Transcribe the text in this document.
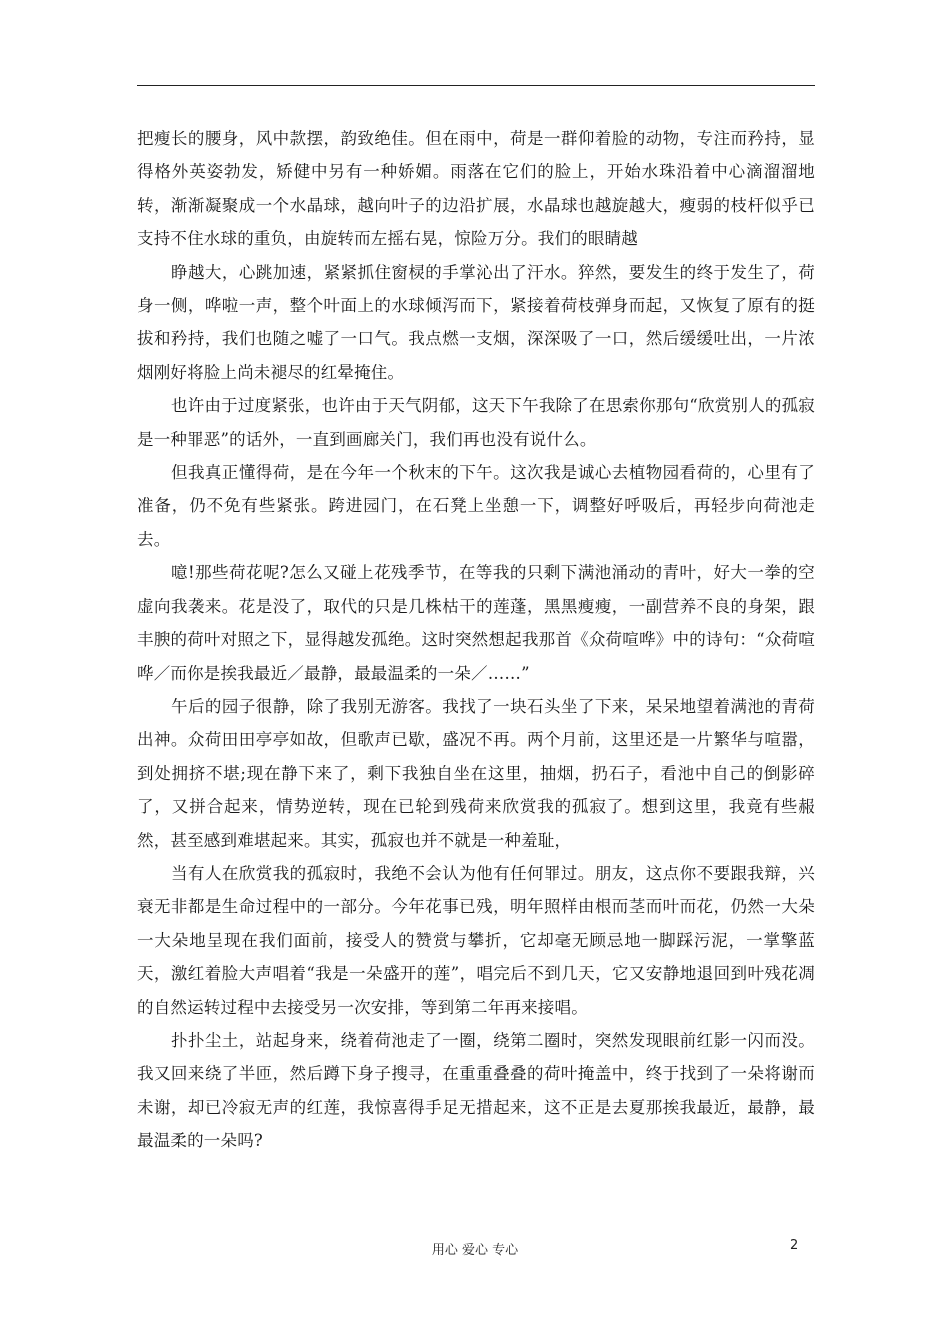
把瘦长的腰身，风中款摆，韵致绝佳。但在雨中，荷是一群仰着脸的动物，专注而矜持，显得格外英姿勃发，矫健中另有一种娇媚。雨落在它们的脸上，开始水珠沿着中心滴溜溜地转，渐渐凝聚成一个水晶球，越向叶子的边沿扩展，水晶球也越旋越大，瘦弱的枝杆似乎已支持不住水球的重负，由旋转而左摇右晃，惊险万分。我们的眼睛越

睁越大，心跳加速，紧紧抓住窗棂的手掌沁出了汗水。猝然，要发生的终于发生了，荷身一侧，哗啦一声，整个叶面上的水球倾泻而下，紧接着荷枝弹身而起，又恢复了原有的挺拔和矜持，我们也随之嘘了一口气。我点燃一支烟，深深吸了一口，然后缓缓吐出，一片浓烟刚好将脸上尚未褪尽的红晕掩住。

也许由于过度紧张，也许由于天气阴郁，这天下午我除了在思索你那句“欣赏别人的孤寂是一种罪恶”的话外，一直到画廊关门，我们再也没有说什么。

但我真正懂得荷，是在今年一个秋末的下午。这次我是诚心去植物园看荷的，心里有了准备，仍不免有些紧张。跨进园门，在石凳上坐憩一下，调整好呼吸后，再轻步向荷池走去。

噫!那些荷花呢?怎么又碰上花残季节，在等我的只剩下满池涌动的青叶，好大一拳的空虚向我袭来。花是没了，取代的只是几株枯干的莲蓬，黑黑瘦瘦，一副营养不良的身架，跟丰腴的荷叶对照之下，显得越发孤绝。这时突然想起我那首《众荷喧哗》中的诗句：“众荷喧哗／而你是挨我最近／最静，最最温柔的一朵／……”

午后的园子很静，除了我别无游客。我找了一块石头坐了下来，呆呆地望着满池的青荷出神。众荷田田亭亭如故，但歌声已歇，盛况不再。两个月前，这里还是一片繁华与喧嚣，到处拥挤不堪;现在静下来了，剩下我独自坐在这里，抽烟，扔石子，看池中自己的倒影碎了，又拼合起来，情势逆转，现在已轮到残荷来欣赏我的孤寂了。想到这里，我竟有些赧然，甚至感到难堪起来。其实，孤寂也并不就是一种羞耻，

当有人在欣赏我的孤寂时，我绝不会认为他有任何罪过。朋友，这点你不要跟我辩，兴衰无非都是生命过程中的一部分。今年花事已残，明年照样由根而茎而叶而花，仍然一大朵一大朵地呈现在我们面前，接受人的赞赏与攀折，它却毫无顾忌地一脚踩污泥，一掌擎蓝天，激红着脸大声唱着“我是一朵盛开的莲”，唱完后不到几天，它又安静地退回到叶残花凋的自然运转过程中去接受另一次安排，等到第二年再来接唱。

扑扑尘土，站起身来，绕着荷池走了一圈，绕第二圈时，突然发现眼前红影一闪而没。我又回来绕了半匝，然后蹲下身子搜寻，在重重叠叠的荷叶掩盖中，终于找到了一朵将谢而未谢，却已冷寂无声的红莲，我惊喜得手足无措起来，这不正是去夏那挨我最近，最静，最最温柔的一朵吗?

用心 爱心 专心	2
